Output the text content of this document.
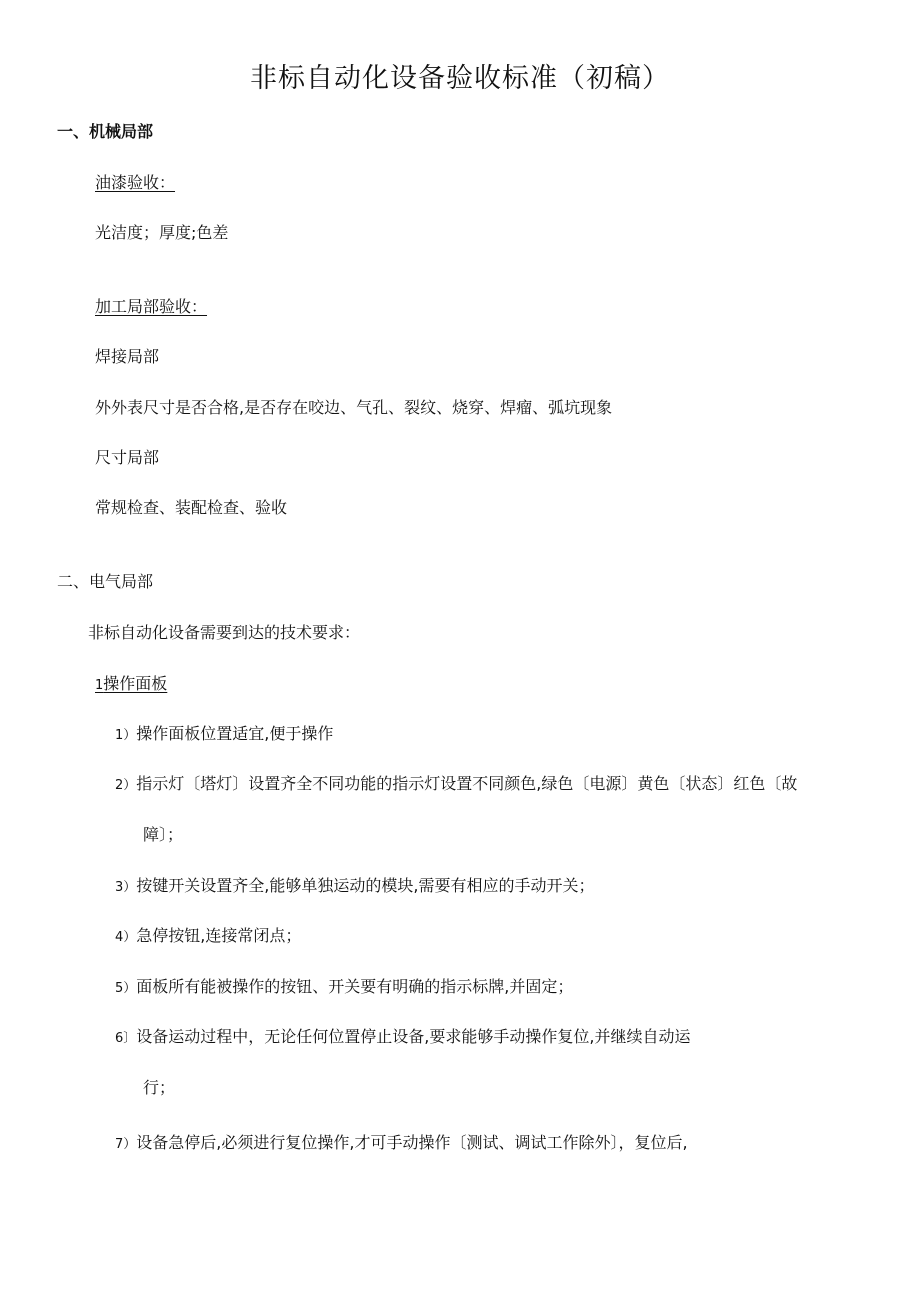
非标自动化设备验收标准（初稿）
一、机械局部
油漆验收：
光洁度；厚度;色差
加工局部验收：
焊接局部
外外表尺寸是否合格,是否存在咬边、气孔、裂纹、烧穿、焊瘤、弧坑现象
尺寸局部
常规检查、装配检查、验收
二、电气局部
非标自动化设备需要到达的技术要求：
1操作面板
1）操作面板位置适宜,便于操作
2）指示灯〔塔灯〕设置齐全不同功能的指示灯设置不同颜色,绿色〔电源〕黄色〔状态〕红色〔故
障〕；
3）按键开关设置齐全,能够单独运动的模块,需要有相应的手动开关；
4）急停按钮,连接常闭点；
5）面板所有能被操作的按钮、开关要有明确的指示标牌,并固定；
6〕设备运动过程中，无论任何位置停止设备,要求能够手动操作复位,并继续自动运
行；
7）设备急停后,必须进行复位操作,才可手动操作〔测试、调试工作除外〕，复位后,
